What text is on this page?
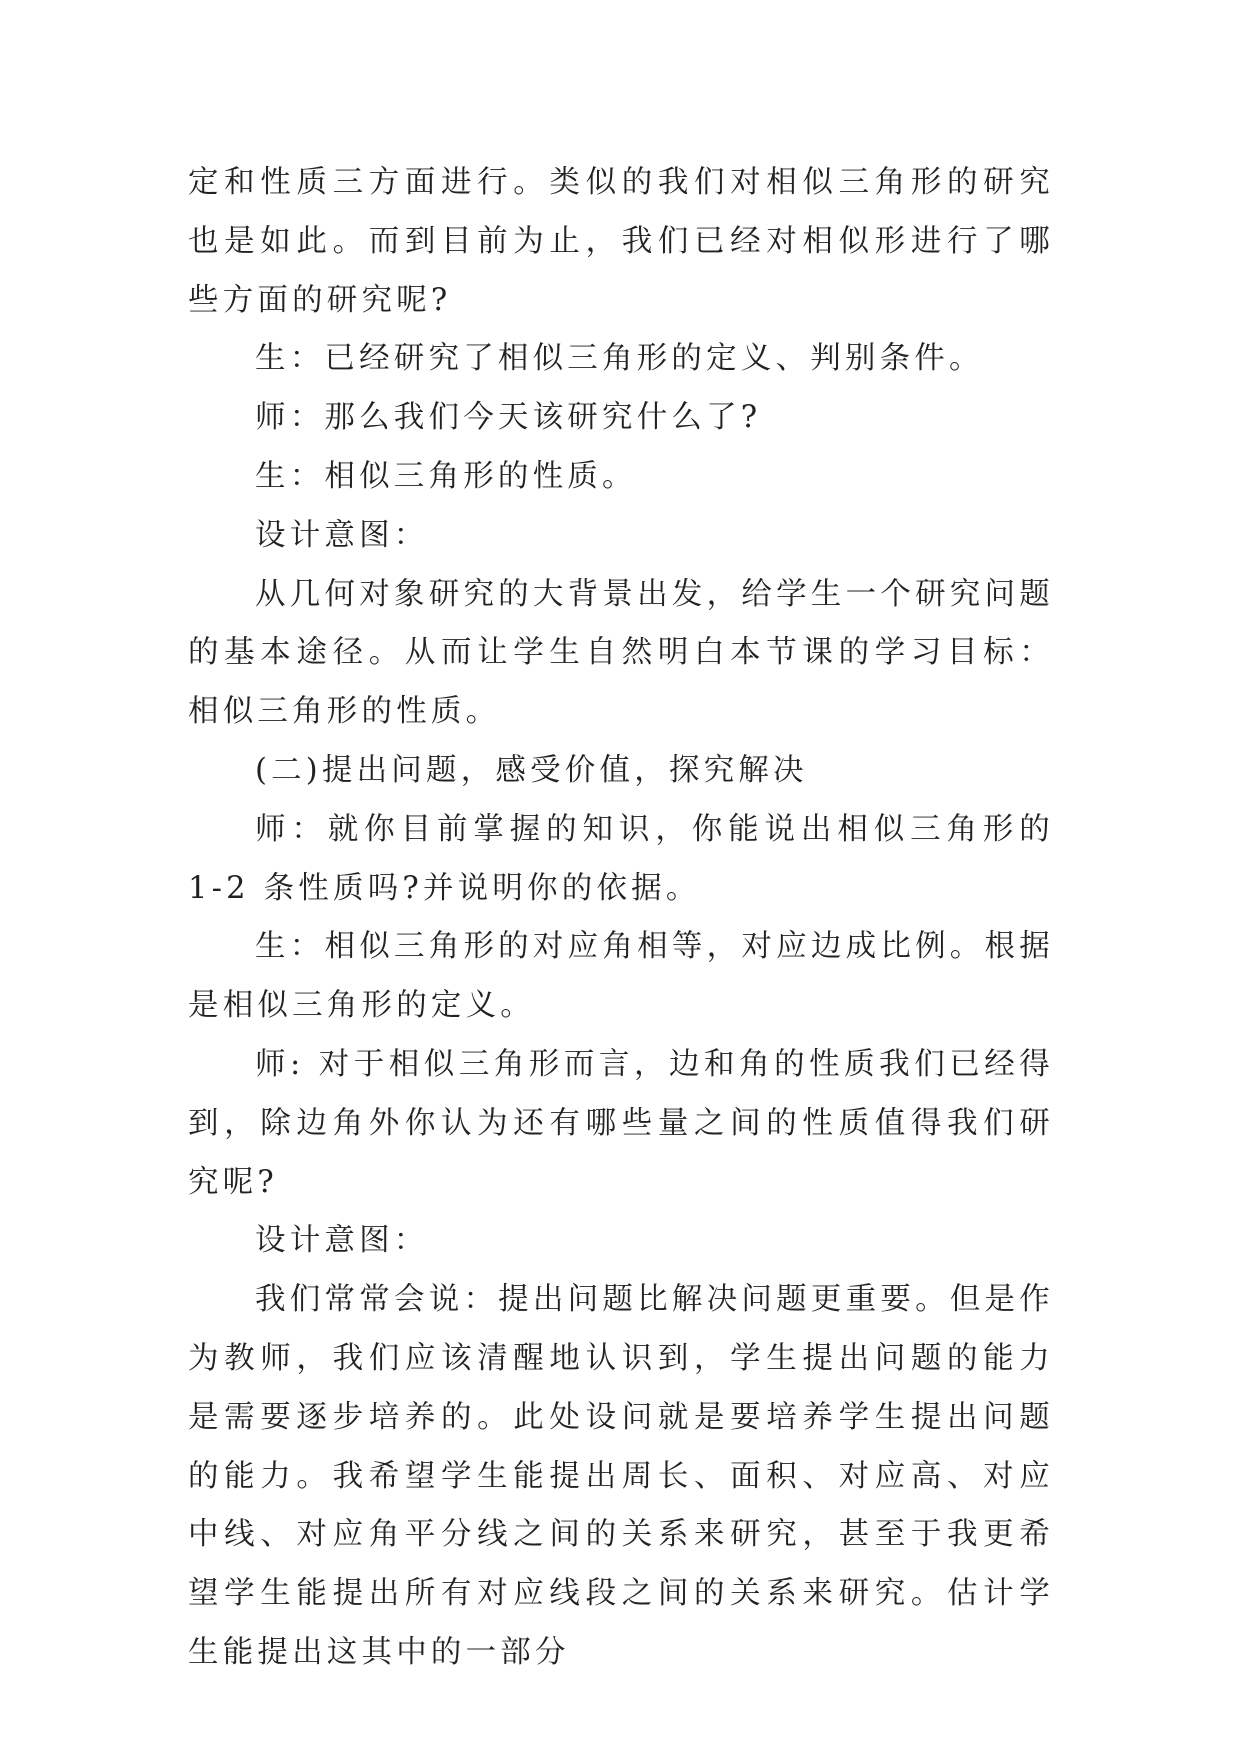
定和性质三方面进行。类似的我们对相似三角形的研究也是如此。而到目前为止，我们已经对相似形进行了哪些方面的研究呢?

生：已经研究了相似三角形的定义、判别条件。

师：那么我们今天该研究什么了?

生：相似三角形的性质。

设计意图：

从几何对象研究的大背景出发，给学生一个研究问题的基本途径。从而让学生自然明白本节课的学习目标：相似三角形的性质。

(二)提出问题，感受价值，探究解决

师：就你目前掌握的知识，你能说出相似三角形的 1-2 条性质吗?并说明你的依据。

生：相似三角形的对应角相等，对应边成比例。根据是相似三角形的定义。

师: 对于相似三角形而言，边和角的性质我们已经得到，除边角外你认为还有哪些量之间的性质值得我们研究呢?

设计意图：

我们常常会说：提出问题比解决问题更重要。但是作为教师，我们应该清醒地认识到，学生提出问题的能力是需要逐步培养的。此处设问就是要培养学生提出问题的能力。我希望学生能提出周长、面积、对应高、对应中线、对应角平分线之间的关系来研究，甚至于我更希望学生能提出所有对应线段之间的关系来研究。估计学生能提出这其中的一部分
